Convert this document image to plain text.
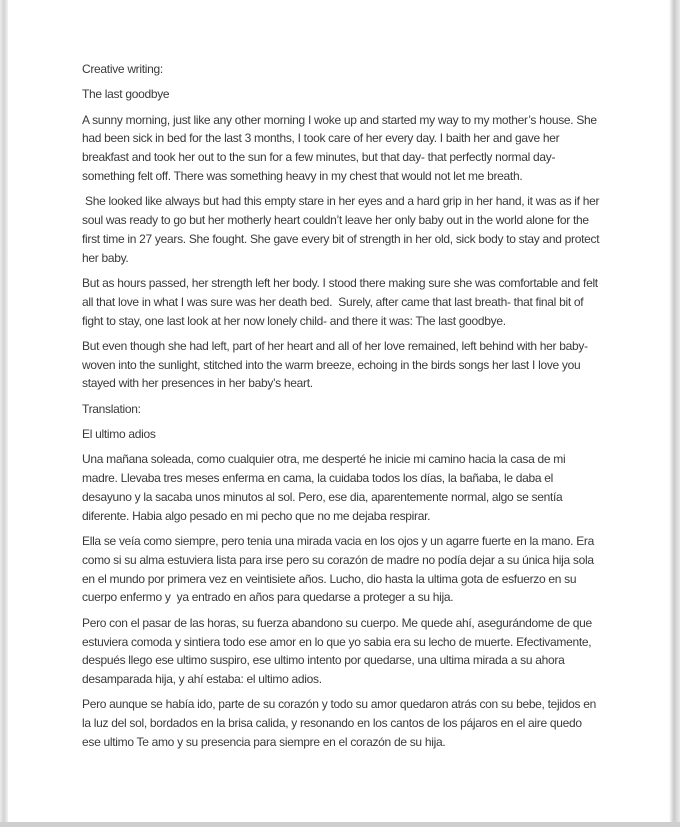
Creative writing:

The last goodbye

A sunny morning, just like any other morning I woke up and started my way to my mother’s house. She had been sick in bed for the last 3 months, I took care of her every day. I baith her and gave her breakfast and took her out to the sun for a few minutes, but that day- that perfectly normal day- something felt off. There was something heavy in my chest that would not let me breath.

She looked like always but had this empty stare in her eyes and a hard grip in her hand, it was as if her soul was ready to go but her motherly heart couldn’t leave her only baby out in the world alone for the first time in 27 years. She fought. She gave every bit of strength in her old, sick body to stay and protect her baby.

But as hours passed, her strength left her body. I stood there making sure she was comfortable and felt all that love in what I was sure was her death bed.  Surely, after came that last breath- that final bit of fight to stay, one last look at her now lonely child- and there it was: The last goodbye.

But even though she had left, part of her heart and all of her love remained, left behind with her baby- woven into the sunlight, stitched into the warm breeze, echoing in the birds songs her last I love you stayed with her presences in her baby’s heart.

Translation:

El ultimo adios

Una mañana soleada, como cualquier otra, me desperté he inicie mi camino hacia la casa de mi madre. Llevaba tres meses enferma en cama, la cuidaba todos los días, la bañaba, le daba el desayuno y la sacaba unos minutos al sol. Pero, ese dia, aparentemente normal, algo se sentía diferente. Habia algo pesado en mi pecho que no me dejaba respirar.

Ella se veía como siempre, pero tenia una mirada vacia en los ojos y un agarre fuerte en la mano. Era como si su alma estuviera lista para irse pero su corazón de madre no podía dejar a su única hija sola en el mundo por primera vez en veintisiete años. Lucho, dio hasta la ultima gota de esfuerzo en su cuerpo enfermo y  ya entrado en años para quedarse a proteger a su hija.

Pero con el pasar de las horas, su fuerza abandono su cuerpo. Me quede ahí, asegurándome de que estuviera comoda y sintiera todo ese amor en lo que yo sabia era su lecho de muerte. Efectivamente, después llego ese ultimo suspiro, ese ultimo intento por quedarse, una ultima mirada a su ahora desamparada hija, y ahí estaba: el ultimo adios.

Pero aunque se había ido, parte de su corazón y todo su amor quedaron atrás con su bebe, tejidos en la luz del sol, bordados en la brisa calida, y resonando en los cantos de los pájaros en el aire quedo ese ultimo Te amo y su presencia para siempre en el corazón de su hija.
